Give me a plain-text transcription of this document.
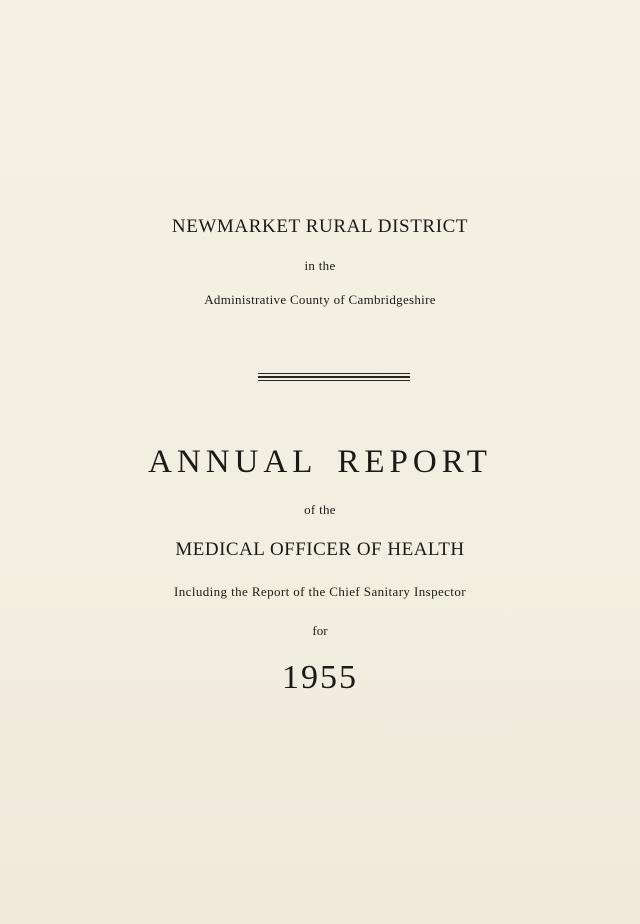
NEWMARKET RURAL DISTRICT
in the
Administrative County of Cambridgeshire
ANNUAL REPORT
of the
MEDICAL OFFICER OF HEALTH
Including the Report of the Chief Sanitary Inspector
for
1955
